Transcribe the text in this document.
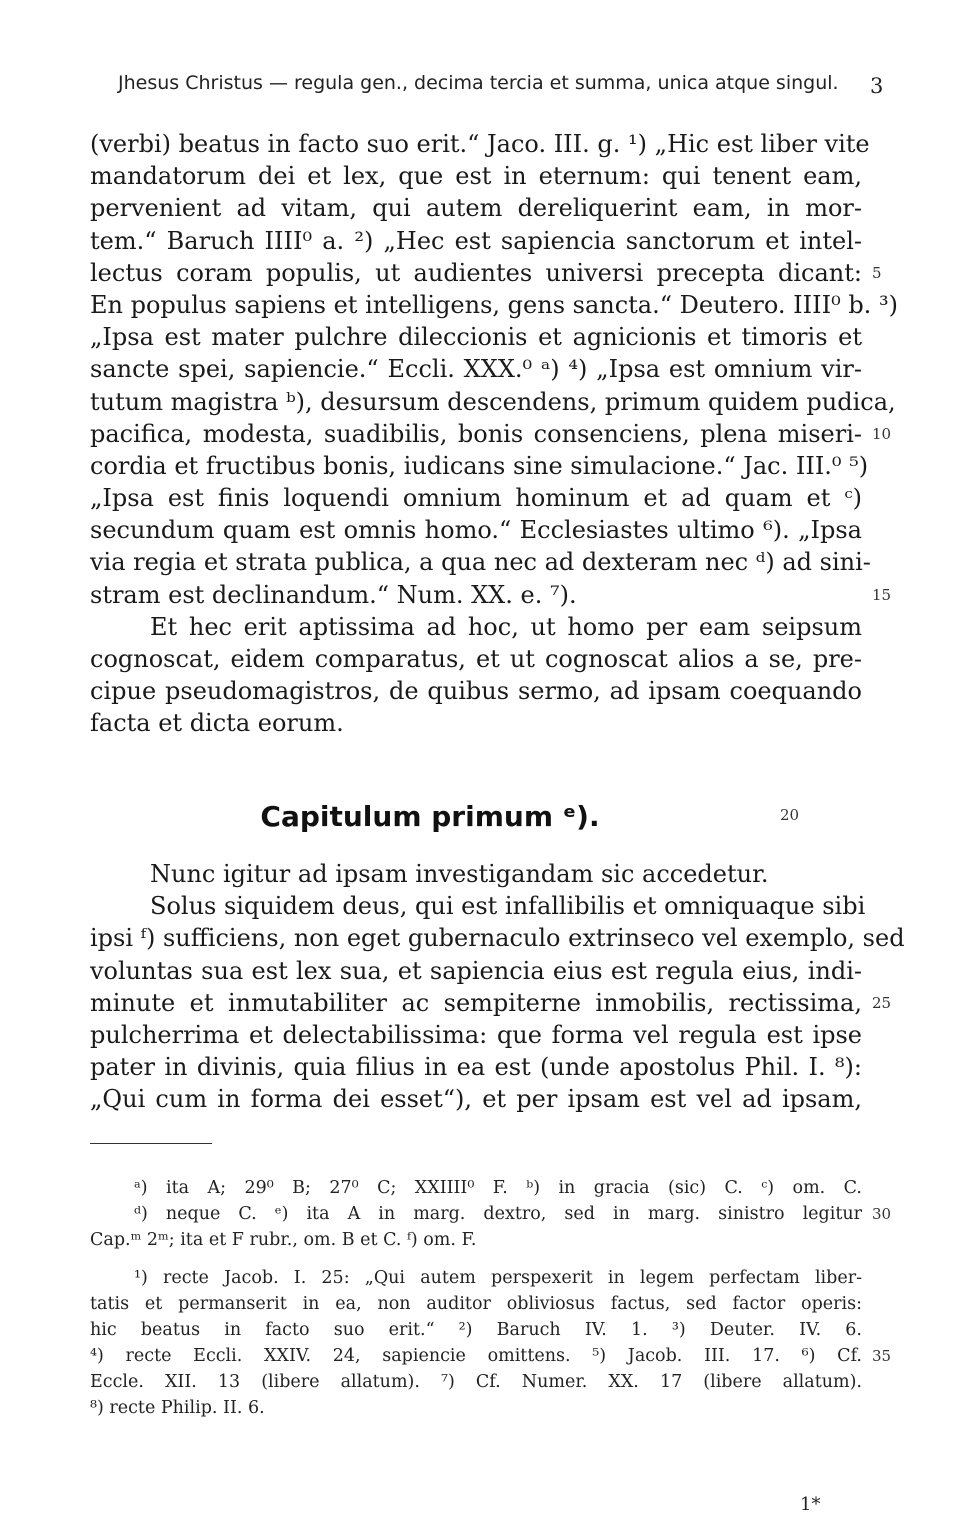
Jhesus Christus — regula gen., decima tercia et summa, unica atque singul. 3
(verbi) beatus in facto suo erit.“ Jaco. III. g. ¹) „Hic est liber vite
mandatorum dei et lex, que est in eternum: qui tenent eam,
pervenient ad vitam, qui autem dereliquerint eam, in mor-
tem.“ Baruch IIII⁰ a. ²) „Hec est sapiencia sanctorum et intel-
lectus coram populis, ut audientes universi precepta dicant: 5
En populus sapiens et intelligens, gens sancta.“ Deutero. IIII⁰ b. ³)
„Ipsa est mater pulchre dileccionis et agnicionis et timoris et
sancte spei, sapiencie.“ Eccli. XXX.⁰ ᵃ) ⁴) „Ipsa est omnium vir-
tutum magistra ᵇ), desursum descendens, primum quidem pudica,
pacifica, modesta, suadibilis, bonis consenciens, plena miseri- 10
cordia et fructibus bonis, iudicans sine simulacione.“ Jac. III.⁰ ⁵)
„Ipsa est finis loquendi omnium hominum et ad quam et ᶜ)
secundum quam est omnis homo.“ Ecclesiastes ultimo ⁶). „Ipsa
via regia et strata publica, a qua nec ad dexteram nec ᵈ) ad sini-
stram est declinandum.“ Num. XX. e. ⁷).	15
Et hec erit aptissima ad hoc, ut homo per eam seipsum
cognoscat, eidem comparatus, et ut cognoscat alios a se, pre-
cipue pseudomagistros, de quibus sermo, ad ipsam coequando
facta et dicta eorum.
Capitulum primum ᵉ).	20
Nunc igitur ad ipsam investigandam sic accedetur.
Solus siquidem deus, qui est infallibilis et omniquaque sibi
ipsi ᶠ) sufficiens, non eget gubernaculo extrinseco vel exemplo, sed
voluntas sua est lex sua, et sapiencia eius est regula eius, indi-
minute et inmutabiliter ac sempiterne inmobilis, rectissima, 25
pulcherrima et delectabilissima: que forma vel regula est ipse
pater in divinis, quia filius in ea est (unde apostolus Phil. I. ⁸):
„Qui cum in forma dei esset“), et per ipsam est vel ad ipsam,
ᵃ) ita A; 29⁰ B; 27⁰ C; XXIIII⁰ F. ᵇ) in gracia (sic) C. ᶜ) om. C.
ᵈ) neque C. ᵉ) ita A in marg. dextro, sed in marg. sinistro legitur 30
Cap.ᵐ 2ᵐ; ita et F rubr., om. B et C. ᶠ) om. F.
¹) recte Jacob. I. 25: „Qui autem perspexerit in legem perfectam liber-
tatis et permanserit in ea, non auditor obliviosus factus, sed factor operis:
hic beatus in facto suo erit.“ ²) Baruch IV. 1. ³) Deuter. IV. 6.
⁴) recte Eccli. XXIV. 24, sapiencie omittens. ⁵) Jacob. III. 17. ⁶) Cf. 35
Eccle. XII. 13 (libere allatum). ⁷) Cf. Numer. XX. 17 (libere allatum).
⁸) recte Philip. II. 6.
1*
